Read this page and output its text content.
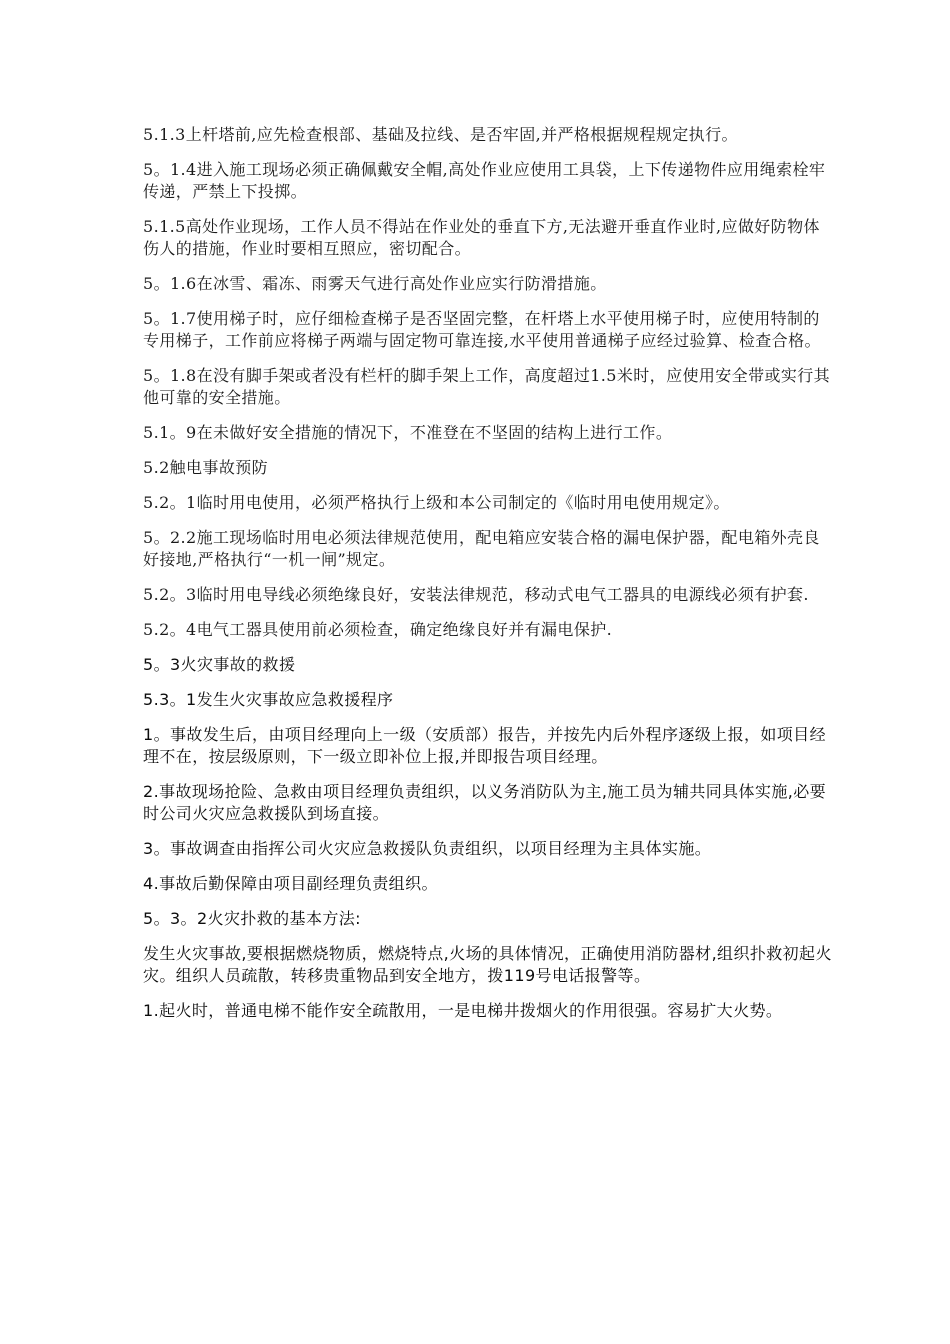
5.1.3上杆塔前,应先检查根部、基础及拉线、是否牢固,并严格根据规程规定执行。

5。1.4进入施工现场必须正确佩戴安全帽,高处作业应使用工具袋，上下传递物件应用绳索栓牢传递，严禁上下投掷。

5.1.5高处作业现场，工作人员不得站在作业处的垂直下方,无法避开垂直作业时,应做好防物体伤人的措施，作业时要相互照应，密切配合。

5。1.6在冰雪、霜冻、雨雾天气进行高处作业应实行防滑措施。

5。1.7使用梯子时，应仔细检查梯子是否坚固完整，在杆塔上水平使用梯子时，应使用特制的专用梯子，工作前应将梯子两端与固定物可靠连接,水平使用普通梯子应经过验算、检查合格。

5。1.8在没有脚手架或者没有栏杆的脚手架上工作，高度超过1.5米时，应使用安全带或实行其他可靠的安全措施。

5.1。9在未做好安全措施的情况下，不准登在不坚固的结构上进行工作。

5.2触电事故预防

5.2。1临时用电使用，必须严格执行上级和本公司制定的《临时用电使用规定》。

5。2.2施工现场临时用电必须法律规范使用，配电箱应安装合格的漏电保护器，配电箱外壳良好接地,严格执行“一机一闸”规定。

5.2。3临时用电导线必须绝缘良好，安装法律规范，移动式电气工器具的电源线必须有护套.

5.2。4电气工器具使用前必须检查，确定绝缘良好并有漏电保护.

5。3火灾事故的救援

5.3。1发生火灾事故应急救援程序

1。事故发生后，由项目经理向上一级（安质部）报告，并按先内后外程序逐级上报，如项目经理不在，按层级原则，下一级立即补位上报,并即报告项目经理。

2.事故现场抢险、急救由项目经理负责组织，以义务消防队为主,施工员为辅共同具体实施,必要时公司火灾应急救援队到场直接。

3。事故调查由指挥公司火灾应急救援队负责组织，以项目经理为主具体实施。

4.事故后勤保障由项目副经理负责组织。

5。3。2火灾扑救的基本方法:

发生火灾事故,要根据燃烧物质，燃烧特点,火场的具体情况，正确使用消防器材,组织扑救初起火灾。组织人员疏散，转移贵重物品到安全地方，拨119号电话报警等。

1.起火时，普通电梯不能作安全疏散用，一是电梯井拨烟火的作用很强。容易扩大火势。
